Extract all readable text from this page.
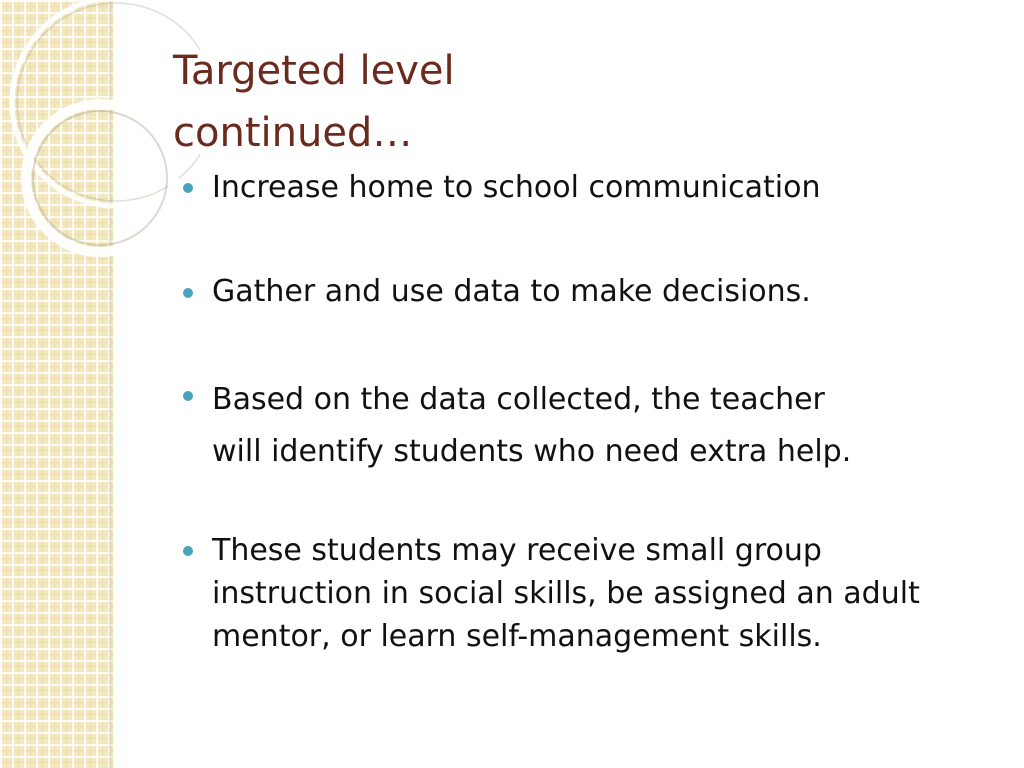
Targeted level
continued…
Increase home to school communication
Gather and use data to make decisions.
Based on the data collected, the teacher
will identify students who need extra help.
These students may receive small group
instruction in social skills, be assigned an adult
mentor, or learn self-management skills.
